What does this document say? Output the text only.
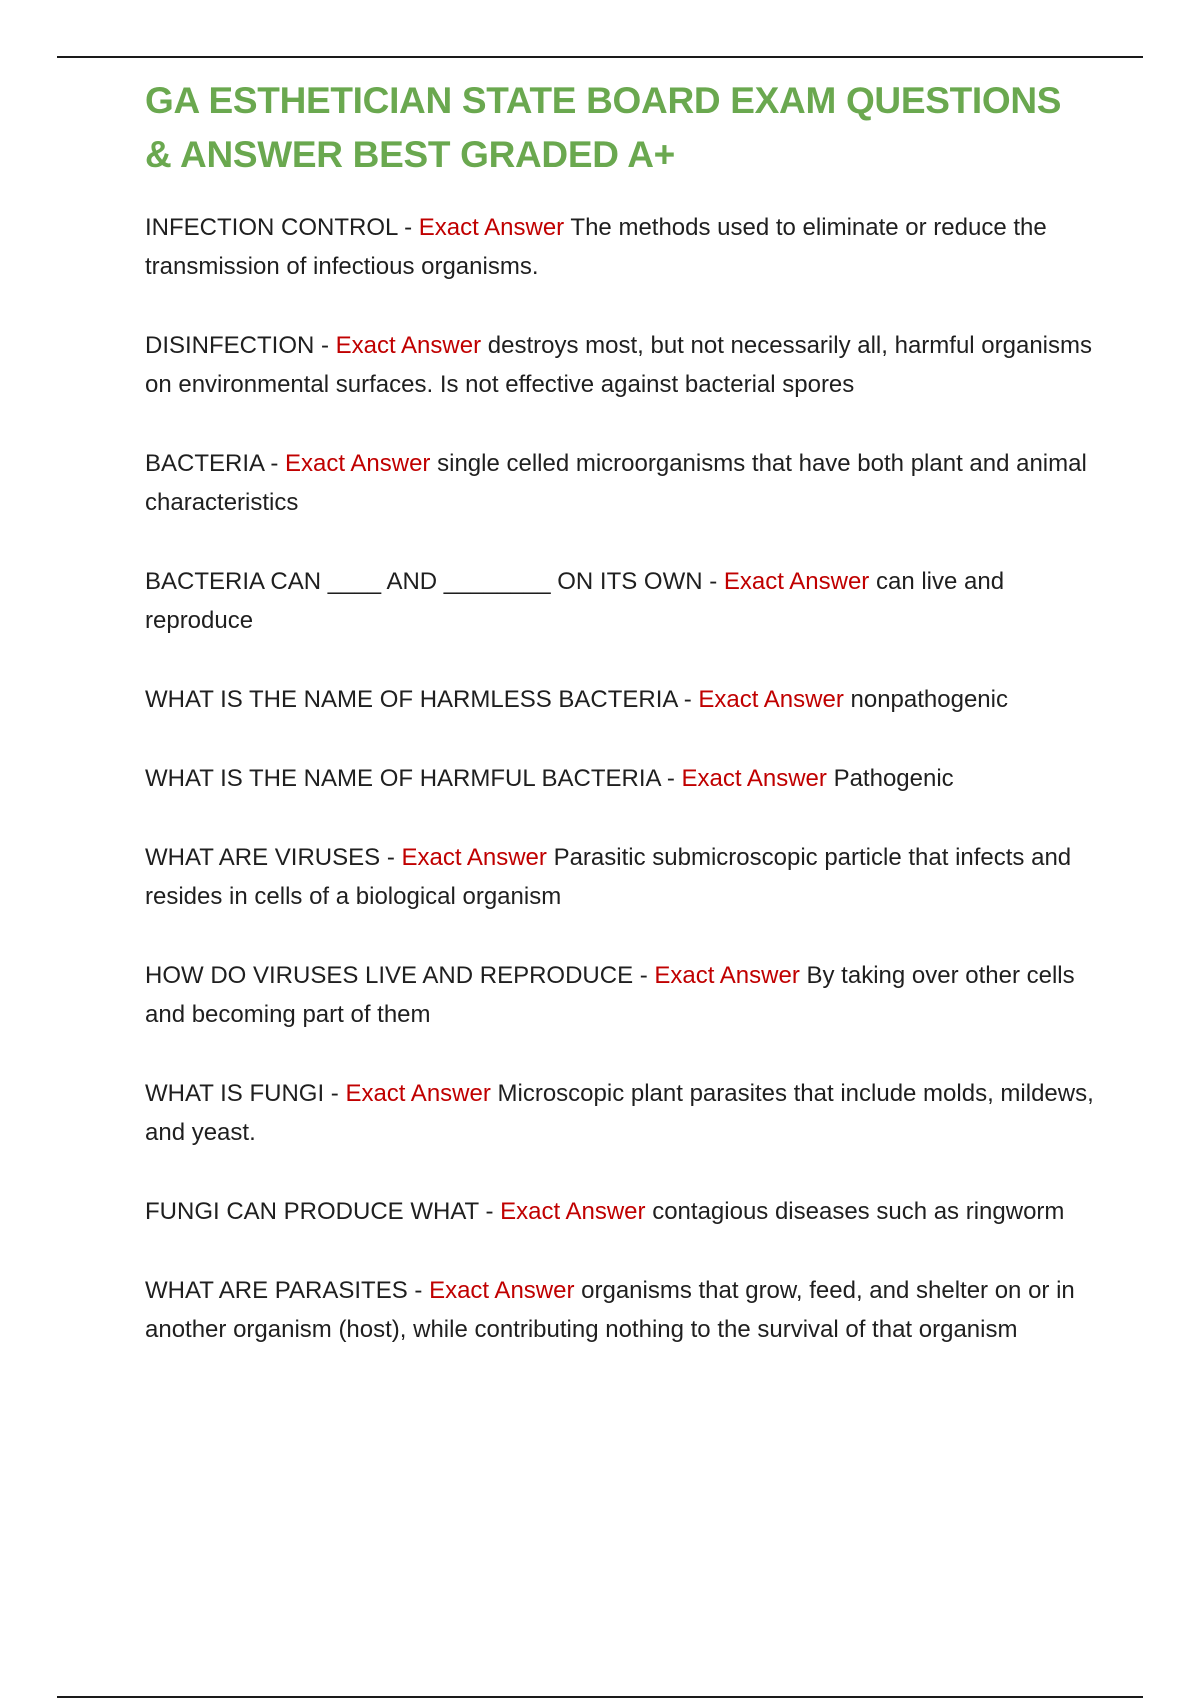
GA ESTHETICIAN STATE BOARD EXAM QUESTIONS & ANSWER BEST GRADED A+
INFECTION CONTROL - Exact Answer The methods used to eliminate or reduce the transmission of infectious organisms.
DISINFECTION - Exact Answer destroys most, but not necessarily all, harmful organisms on environmental surfaces. Is not effective against bacterial spores
BACTERIA - Exact Answer single celled microorganisms that have both plant and animal characteristics
BACTERIA CAN ____ AND ________ ON ITS OWN - Exact Answer can live and reproduce
WHAT IS THE NAME OF HARMLESS BACTERIA - Exact Answer nonpathogenic
WHAT IS THE NAME OF HARMFUL BACTERIA - Exact Answer Pathogenic
WHAT ARE VIRUSES - Exact Answer Parasitic submicroscopic particle that infects and resides in cells of a biological organism
HOW DO VIRUSES LIVE AND REPRODUCE - Exact Answer By taking over other cells and becoming part of them
WHAT IS FUNGI - Exact Answer Microscopic plant parasites that include molds, mildews, and yeast.
FUNGI CAN PRODUCE WHAT - Exact Answer contagious diseases such as ringworm
WHAT ARE PARASITES - Exact Answer organisms that grow, feed, and shelter on or in another organism (host), while contributing nothing to the survival of that organism
